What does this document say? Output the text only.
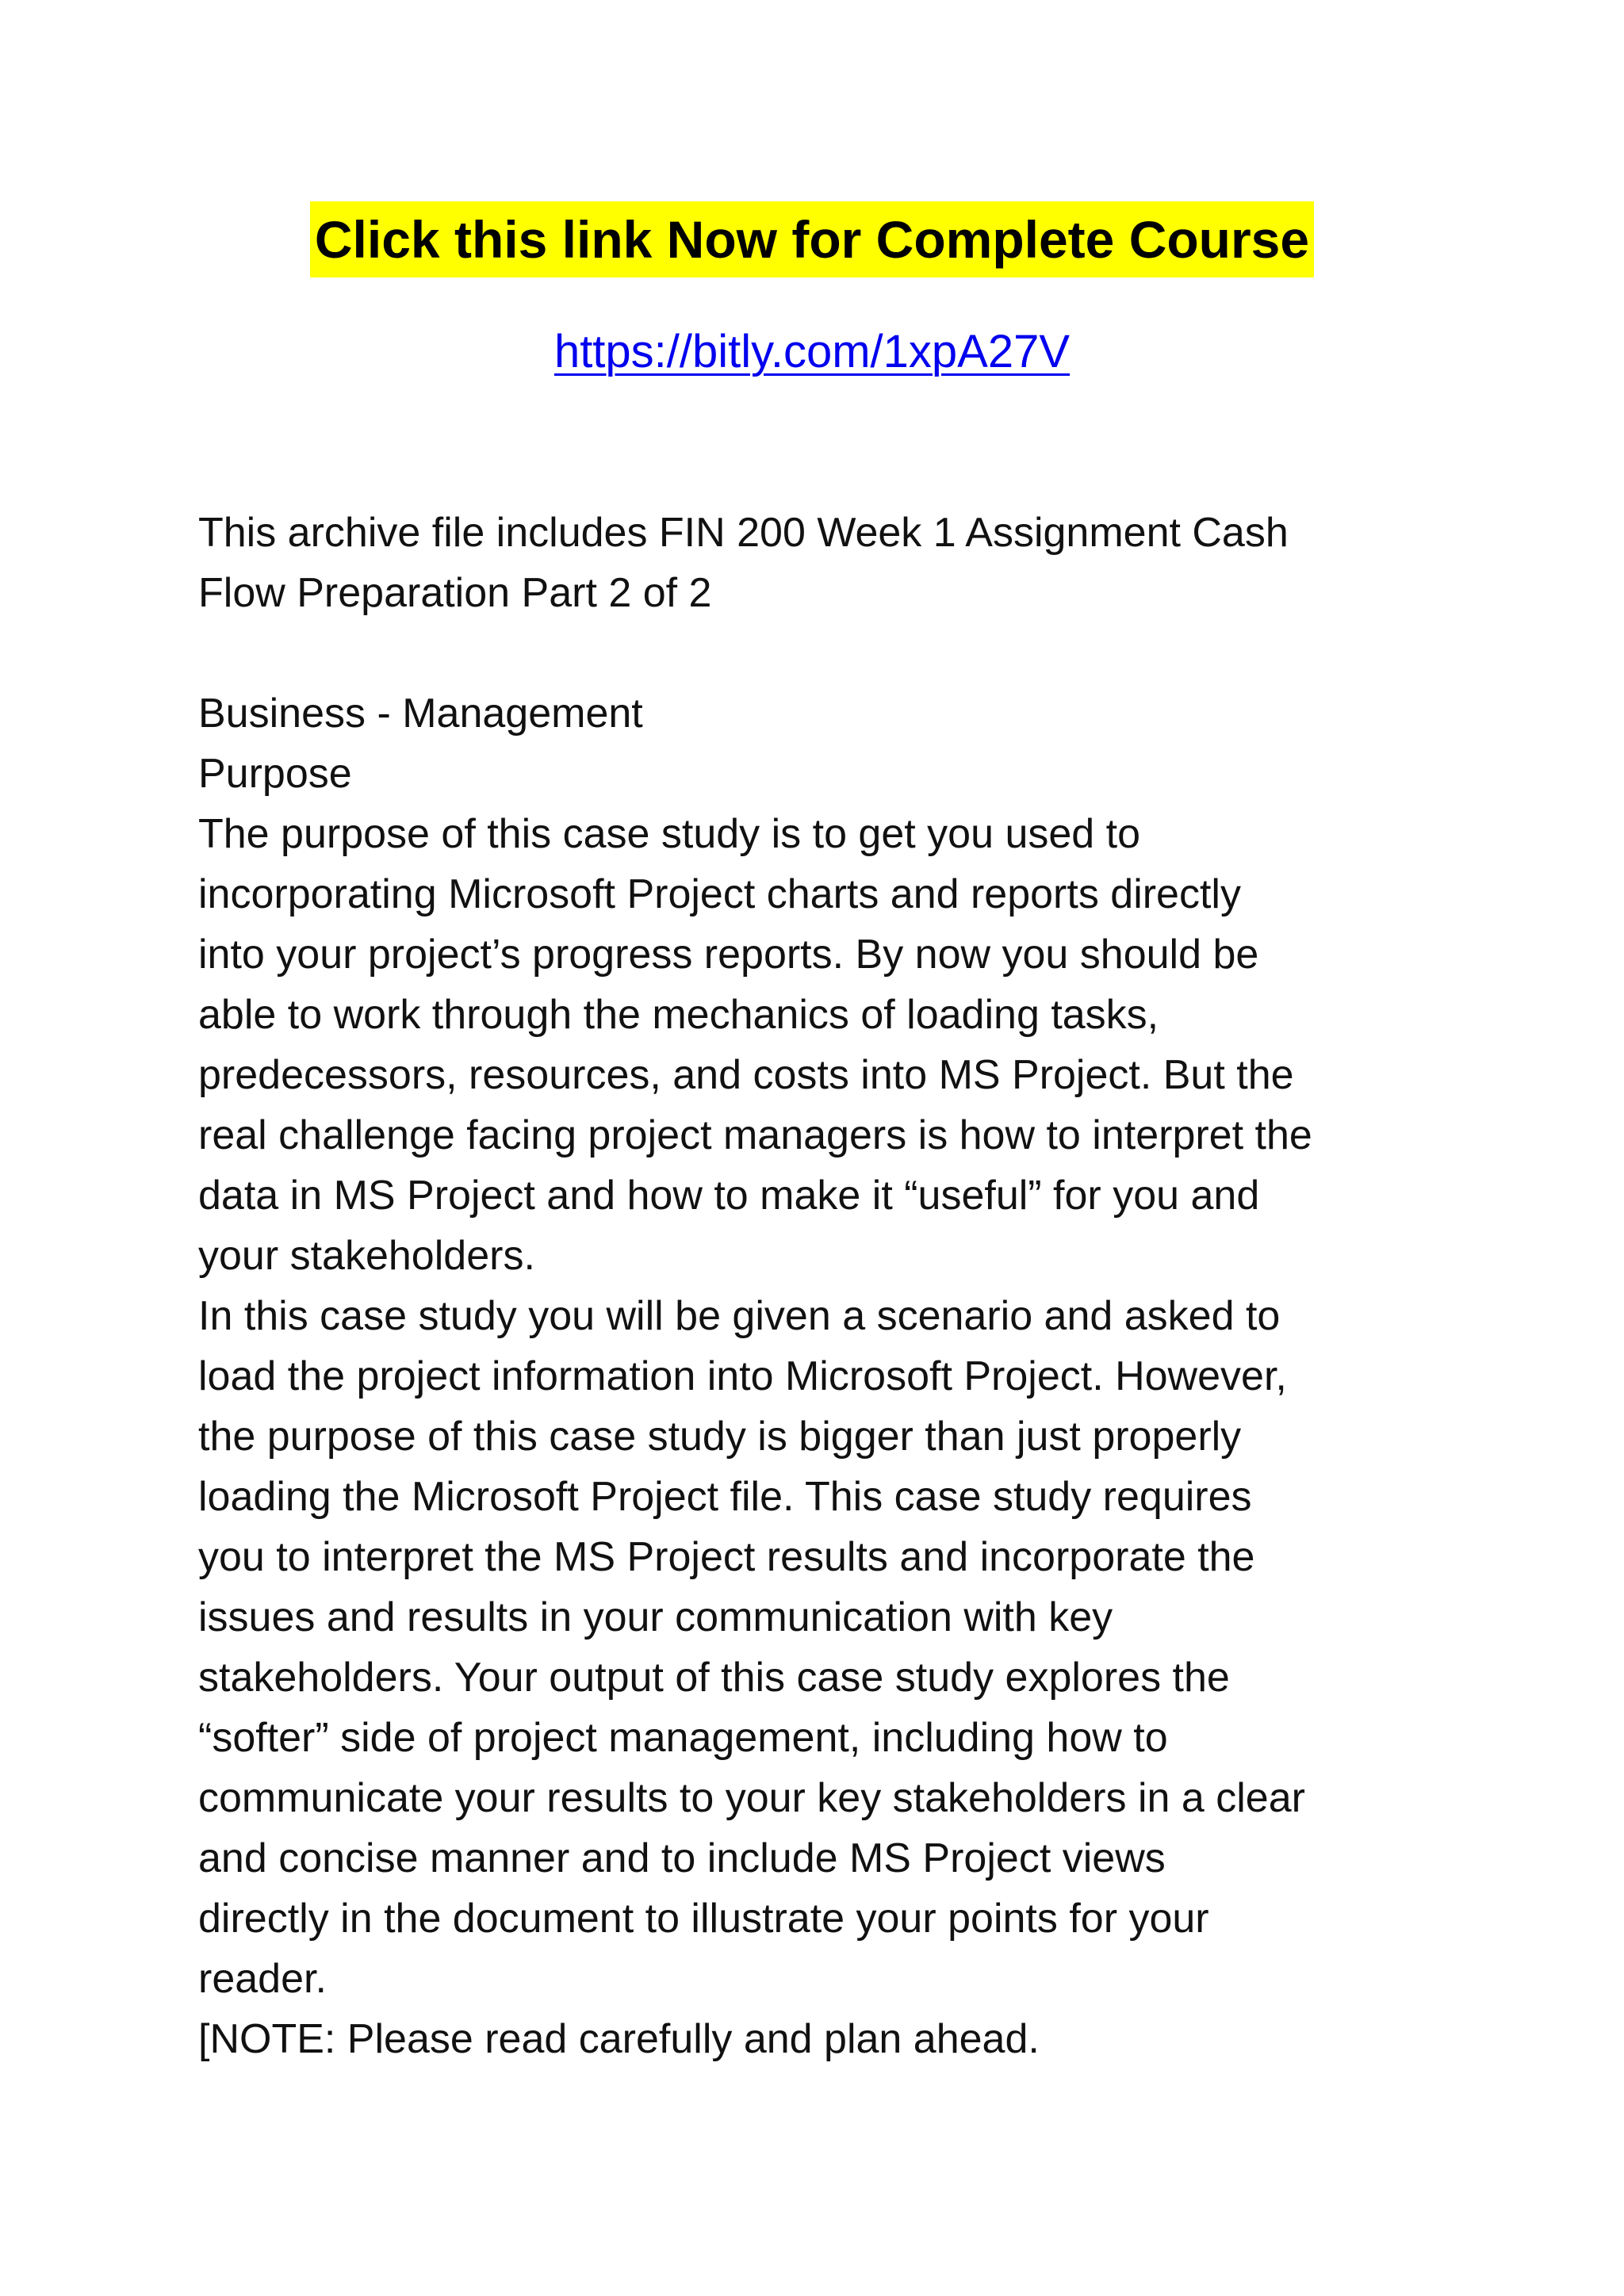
Click this link Now for Complete Course
https://bitly.com/1xpA27V
This archive file includes FIN 200 Week 1 Assignment Cash
Flow Preparation Part 2 of 2
Business - Management
Purpose
The purpose of this case study is to get you used to
incorporating Microsoft Project charts and reports directly
into your project’s progress reports. By now you should be
able to work through the mechanics of loading tasks,
predecessors, resources, and costs into MS Project. But the
real challenge facing project managers is how to interpret the
data in MS Project and how to make it “useful” for you and
your stakeholders.
In this case study you will be given a scenario and asked to
load the project information into Microsoft Project. However,
the purpose of this case study is bigger than just properly
loading the Microsoft Project file. This case study requires
you to interpret the MS Project results and incorporate the
issues and results in your communication with key
stakeholders. Your output of this case study explores the
“softer” side of project management, including how to
communicate your results to your key stakeholders in a clear
and concise manner and to include MS Project views
directly in the document to illustrate your points for your
reader.
[NOTE: Please read carefully and plan ahead.
